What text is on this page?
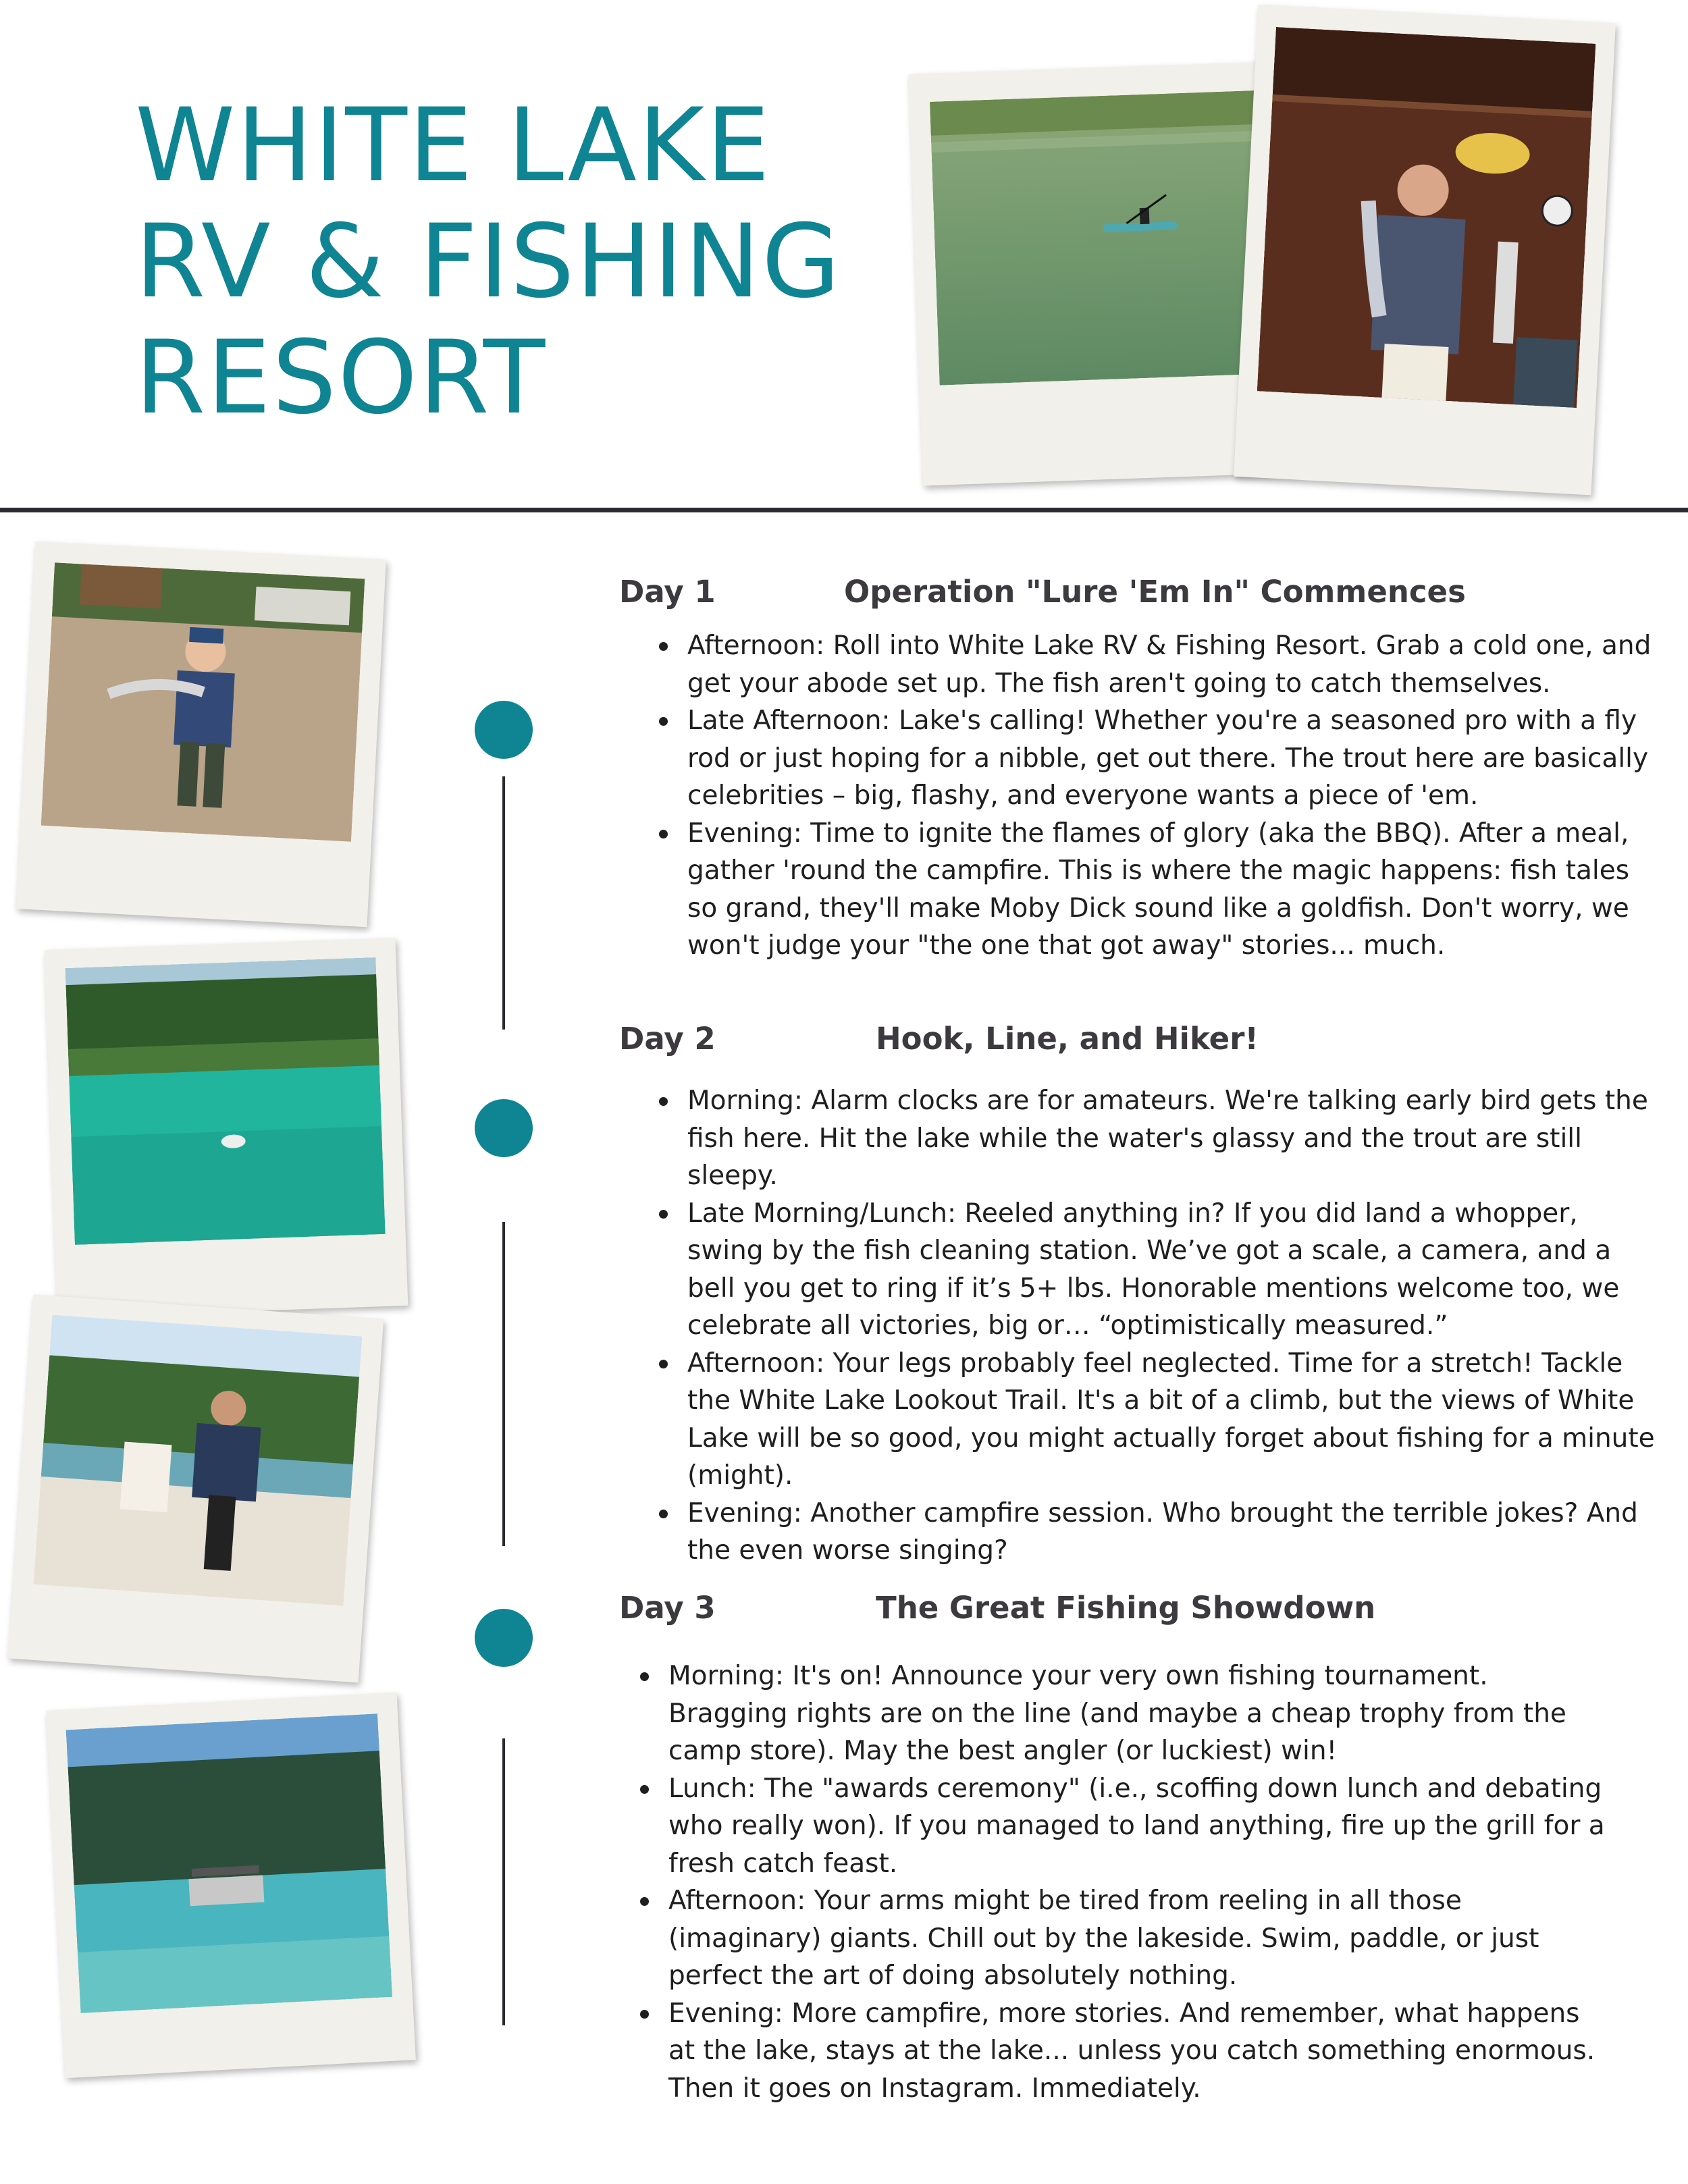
WHITE LAKE
RV & FISHING
RESORT
Day 1	Operation "Lure 'Em In" Commences
Afternoon: Roll into White Lake RV & Fishing Resort. Grab a cold one, and get your abode set up. The fish aren't going to catch themselves.
Late Afternoon: Lake's calling! Whether you're a seasoned pro with a fly rod or just hoping for a nibble, get out there. The trout here are basically celebrities – big, flashy, and everyone wants a piece of 'em.
Evening: Time to ignite the flames of glory (aka the BBQ). After a meal, gather 'round the campfire. This is where the magic happens: fish tales so grand, they'll make Moby Dick sound like a goldfish. Don't worry, we won't judge your "the one that got away" stories... much.
Day 2	Hook, Line, and Hiker!
Morning: Alarm clocks are for amateurs. We're talking early bird gets the fish here. Hit the lake while the water's glassy and the trout are still sleepy.
Late Morning/Lunch: Reeled anything in? If you did land a whopper, swing by the fish cleaning station. We’ve got a scale, a camera, and a bell you get to ring if it’s 5+ lbs. Honorable mentions welcome too, we celebrate all victories, big or… “optimistically measured.”
Afternoon: Your legs probably feel neglected. Time for a stretch! Tackle the White Lake Lookout Trail. It's a bit of a climb, but the views of White Lake will be so good, you might actually forget about fishing for a minute (might).
Evening: Another campfire session. Who brought the terrible jokes? And the even worse singing?
Day 3	The Great Fishing Showdown
Morning: It's on! Announce your very own fishing tournament. Bragging rights are on the line (and maybe a cheap trophy from the camp store). May the best angler (or luckiest) win!
Lunch: The "awards ceremony" (i.e., scoffing down lunch and debating who really won). If you managed to land anything, fire up the grill for a fresh catch feast.
Afternoon: Your arms might be tired from reeling in all those (imaginary) giants. Chill out by the lakeside. Swim, paddle, or just perfect the art of doing absolutely nothing.
Evening: More campfire, more stories. And remember, what happens at the lake, stays at the lake... unless you catch something enormous. Then it goes on Instagram. Immediately.
